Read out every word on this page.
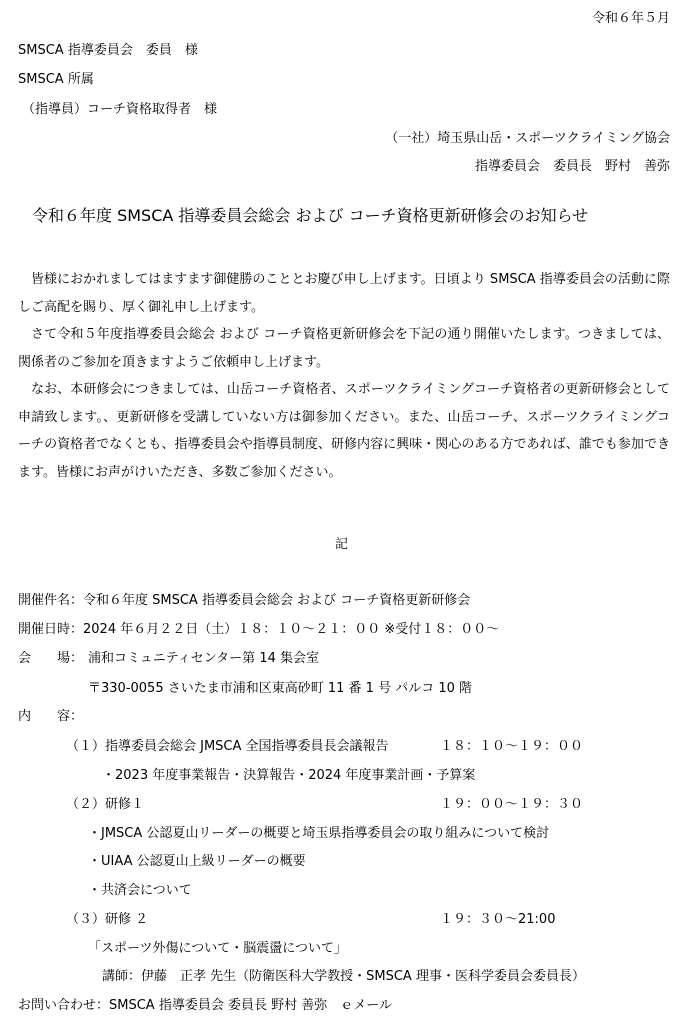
令和６年５月
SMSCA 指導委員会　委員　様
SMSCA 所属
（指導員）コーチ資格取得者　様
（一社）埼玉県山岳・スポーツクライミング協会
指導委員会　委員長　野村　善弥
令和６年度 SMSCA 指導委員会総会 および コーチ資格更新研修会のお知らせ

皆様におかれましてはますます御健勝のこととお慶び申し上げます。日頃より SMSCA 指導委員会の活動に際しご高配を賜り、厚く御礼申し上げます。

さて令和５年度指導委員会総会 および コーチ資格更新研修会を下記の通り開催いたします。つきましては、関係者のご参加を頂きますようご依頼申し上げます。

なお、本研修会につきましては、山岳コーチ資格者、スポーツクライミングコーチ資格者の更新研修会として申請致します。、更新研修を受講していない方は御参加ください。また、山岳コーチ、スポーツクライミングコーチの資格者でなくとも、指導委員会や指導員制度、研修内容に興味・関心のある方であれば、誰でも参加できます。皆様にお声がけいただき、多数ご参加ください。

記
開催件名：令和６年度 SMSCA 指導委員会総会 および コーチ資格更新研修会
開催日時：2024 年６月２２日（土）１８：１０～２１：００ ※受付１８：００～
会　　場： 浦和コミュニティセンター第 14 集会室
〒330-0055 さいたま市浦和区東高砂町 11 番 1 号 パルコ 10 階
内　　容：
（１）指導委員会総会 JMSCA 全国指導委員長会議報告	１８：１０～１９：００
・2023 年度事業報告・決算報告・2024 年度事業計画・予算案
（２）研修１	１９：００～１９：３０
・JMSCA 公認夏山リーダーの概要と埼玉県指導委員会の取り組みについて検討
・UIAA 公認夏山上級リーダーの概要
・共済会について
（３）研修 ２	１９：３０～21:00
「スポーツ外傷について・脳震盪について」
講師：伊藤　正孝 先生（防衛医科大学教授・SMSCA 理事・医科学委員会委員長）
お問い合わせ：SMSCA 指導委員会 委員長 野村 善弥　ｅメール
